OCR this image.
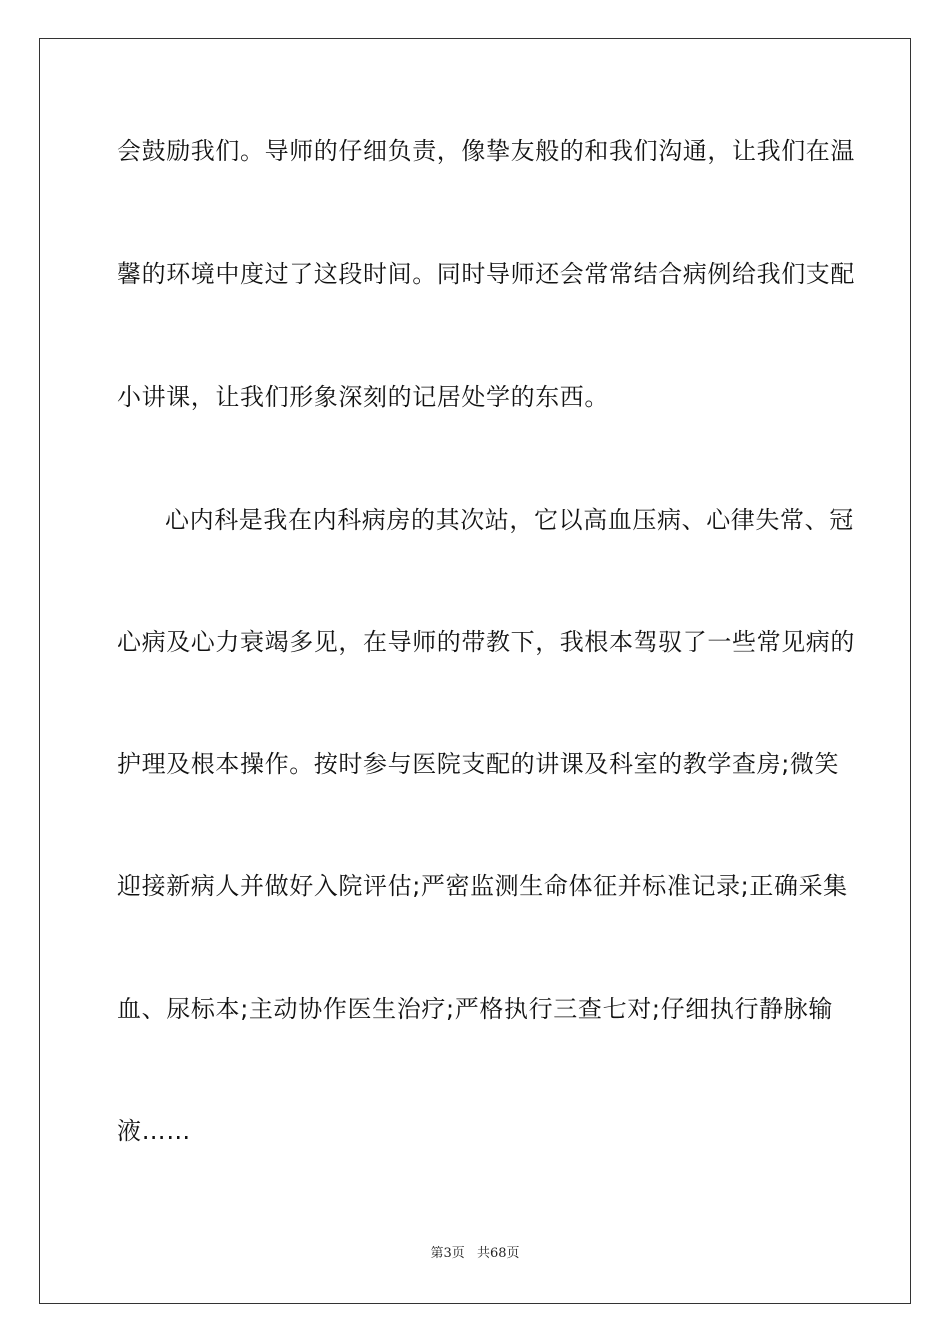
会鼓励我们。导师的仔细负责，像挚友般的和我们沟通，让我们在温
馨的环境中度过了这段时间。同时导师还会常常结合病例给我们支配
小讲课，让我们形象深刻的记居处学的东西。
心内科是我在内科病房的其次站，它以高血压病、心律失常、冠
心病及心力衰竭多见，在导师的带教下，我根本驾驭了一些常见病的
护理及根本操作。按时参与医院支配的讲课及科室的教学查房;微笑
迎接新病人并做好入院评估;严密监测生命体征并标准记录;正确采集
血、尿标本;主动协作医生治疗;严格执行三查七对;仔细执行静脉输
液……
第3页 共68页
